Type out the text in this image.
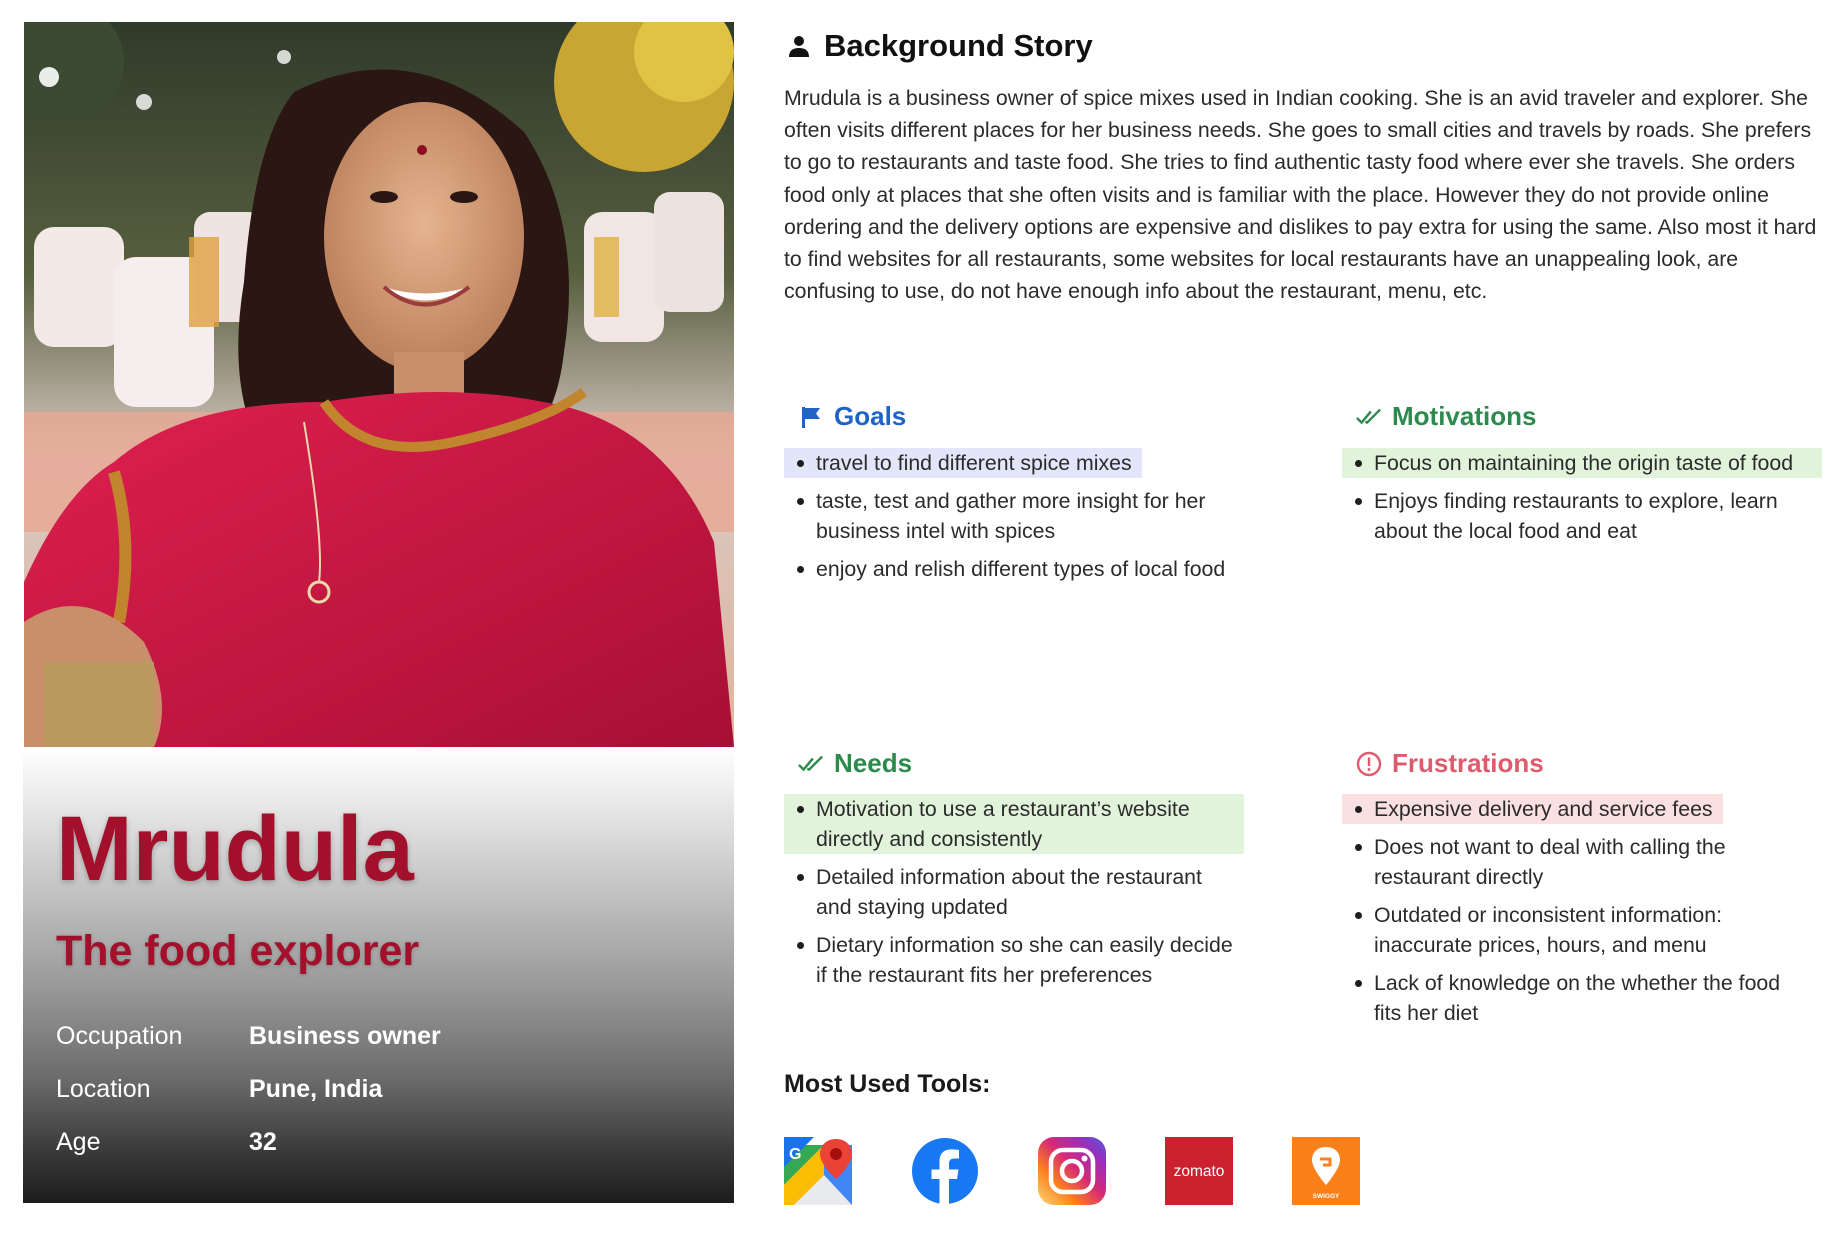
Mrudula
The food explorer
Occupation	Business owner
Location	Pune, India
Age	32
Background Story

Mrudula is a business owner of spice mixes used in Indian cooking. She is an avid traveler and explorer. She often visits different places for her business needs. She goes to small cities and travels by roads. She prefers to go to restaurants and taste food. She tries to find authentic tasty food where ever she travels. She orders food only at places that she often visits and is familiar with the place. However they do not provide online ordering and the delivery options are expensive and dislikes to pay extra for using the same. Also most it hard to find websites for all restaurants, some websites for local restaurants have an unappealing look, are confusing to use, do not have enough info about the restaurant, menu, etc.

Goals
travel to find different spice mixes
taste, test and gather more insight for her business intel with spices
enjoy and relish different types of local food
Motivations
Focus on maintaining the origin taste of food
Enjoys finding restaurants to explore, learn about the local food and eat
Needs
Motivation to use a restaurant’s website directly and consistently
Detailed information about the restaurant and staying updated
Dietary information so she can easily decide if the restaurant fits her preferences
Frustrations
Expensive delivery and service fees
Does not want to deal with calling the restaurant directly
Outdated or inconsistent information: inaccurate prices, hours, and menu
Lack of knowledge on the whether the food fits her diet
Most Used Tools:
G
zomato
SWIGGY
